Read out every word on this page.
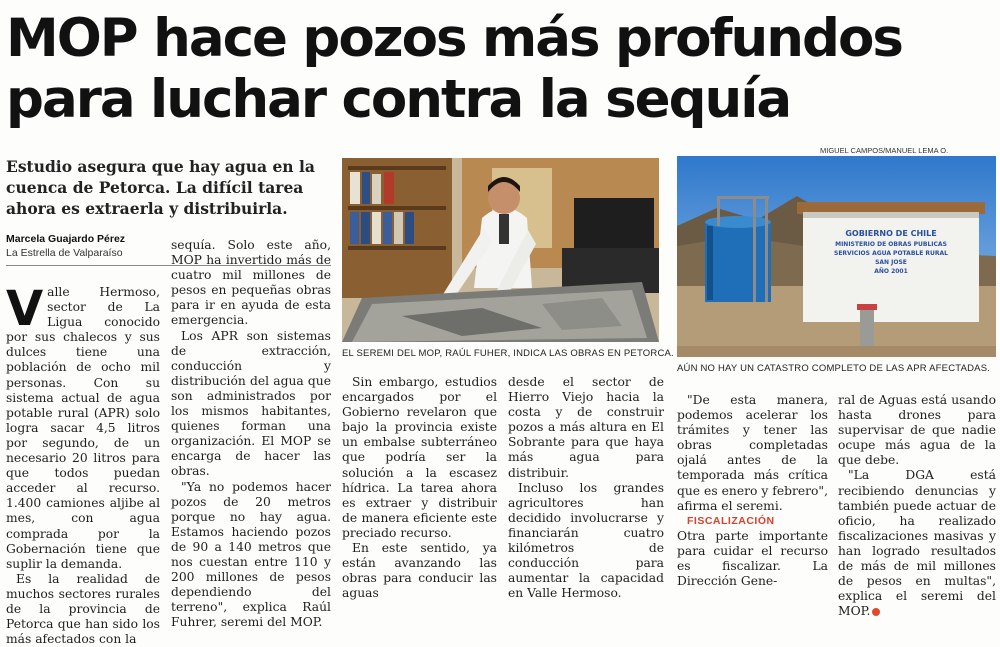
MOP hace pozos más profundos
para luchar contra la sequía

Estudio asegura que hay agua en la cuenca de Petorca. La difícil tarea ahora es extraerla y distribuirla.

Marcela Guajardo Pérez
La Estrella de Valparaíso

Valle Hermoso, sector de La Ligua conocido por sus chalecos y sus dulces tiene una población de ocho mil personas. Con su sistema actual de agua potable rural (APR) solo logra sacar 4,5 litros por segundo, de un necesario 20 litros para que todos puedan acceder al recurso. 1.400 camiones aljibe al mes, con agua comprada por la Gobernación tiene que suplir la demanda.

Es la realidad de muchos sectores rurales de la provincia de Petorca que han sido los más afectados con la

sequía. Solo este año, MOP ha invertido más de cuatro mil millones de pesos en pequeñas obras para ir en ayuda de esta emergencia.

Los APR son sistemas de extracción, conducción y distribución del agua que son administrados por los mismos habitantes, quienes forman una organización. El MOP se encarga de hacer las obras.

"Ya no podemos hacer pozos de 20 metros porque no hay agua. Estamos haciendo pozos de 90 a 140 metros que nos cuestan entre 110 y 200 millones de pesos dependiendo del terreno", explica Raúl Fuhrer, seremi del MOP.

EL SEREMI DEL MOP, RAÚL FUHER, INDICA LAS OBRAS EN PETORCA.

Sin embargo, estudios encargados por el Gobierno revelaron que bajo la provincia existe un embalse subterráneo que podría ser la solución a la escasez hídrica. La tarea ahora es extraer y distribuir de manera eficiente este preciado recurso.

En este sentido, ya están avanzando las obras para conducir las aguas

desde el sector de Hierro Viejo hacia la costa y de construir pozos a más altura en El Sobrante para que haya más agua para distribuir.

Incluso los grandes agricultores han decidido involucrarse y financiarán cuatro kilómetros de conducción para aumentar la capacidad en Valle Hermoso.

MIGUEL CAMPOS/MANUEL LEMA O.
GOBIERNO DE CHILE
MINISTERIO DE OBRAS PUBLICAS
SERVICIOS AGUA POTABLE RURAL
SAN JOSE
AÑO 2001
AÚN NO HAY UN CATASTRO COMPLETO DE LAS APR AFECTADAS.

"De esta manera, podemos acelerar los trámites y tener las obras completadas ojalá antes de la temporada más crítica que es enero y febrero", afirma el seremi.

FISCALIZACIÓN

Otra parte importante para cuidar el recurso es fiscalizar. La Dirección Gene-

ral de Aguas está usando hasta drones para supervisar de que nadie ocupe más agua de la que debe.

"La DGA está recibiendo denuncias y también puede actuar de oficio, ha realizado fiscalizaciones masivas y han logrado resultados de más de mil millones de pesos en multas", explica el seremi del MOP.
